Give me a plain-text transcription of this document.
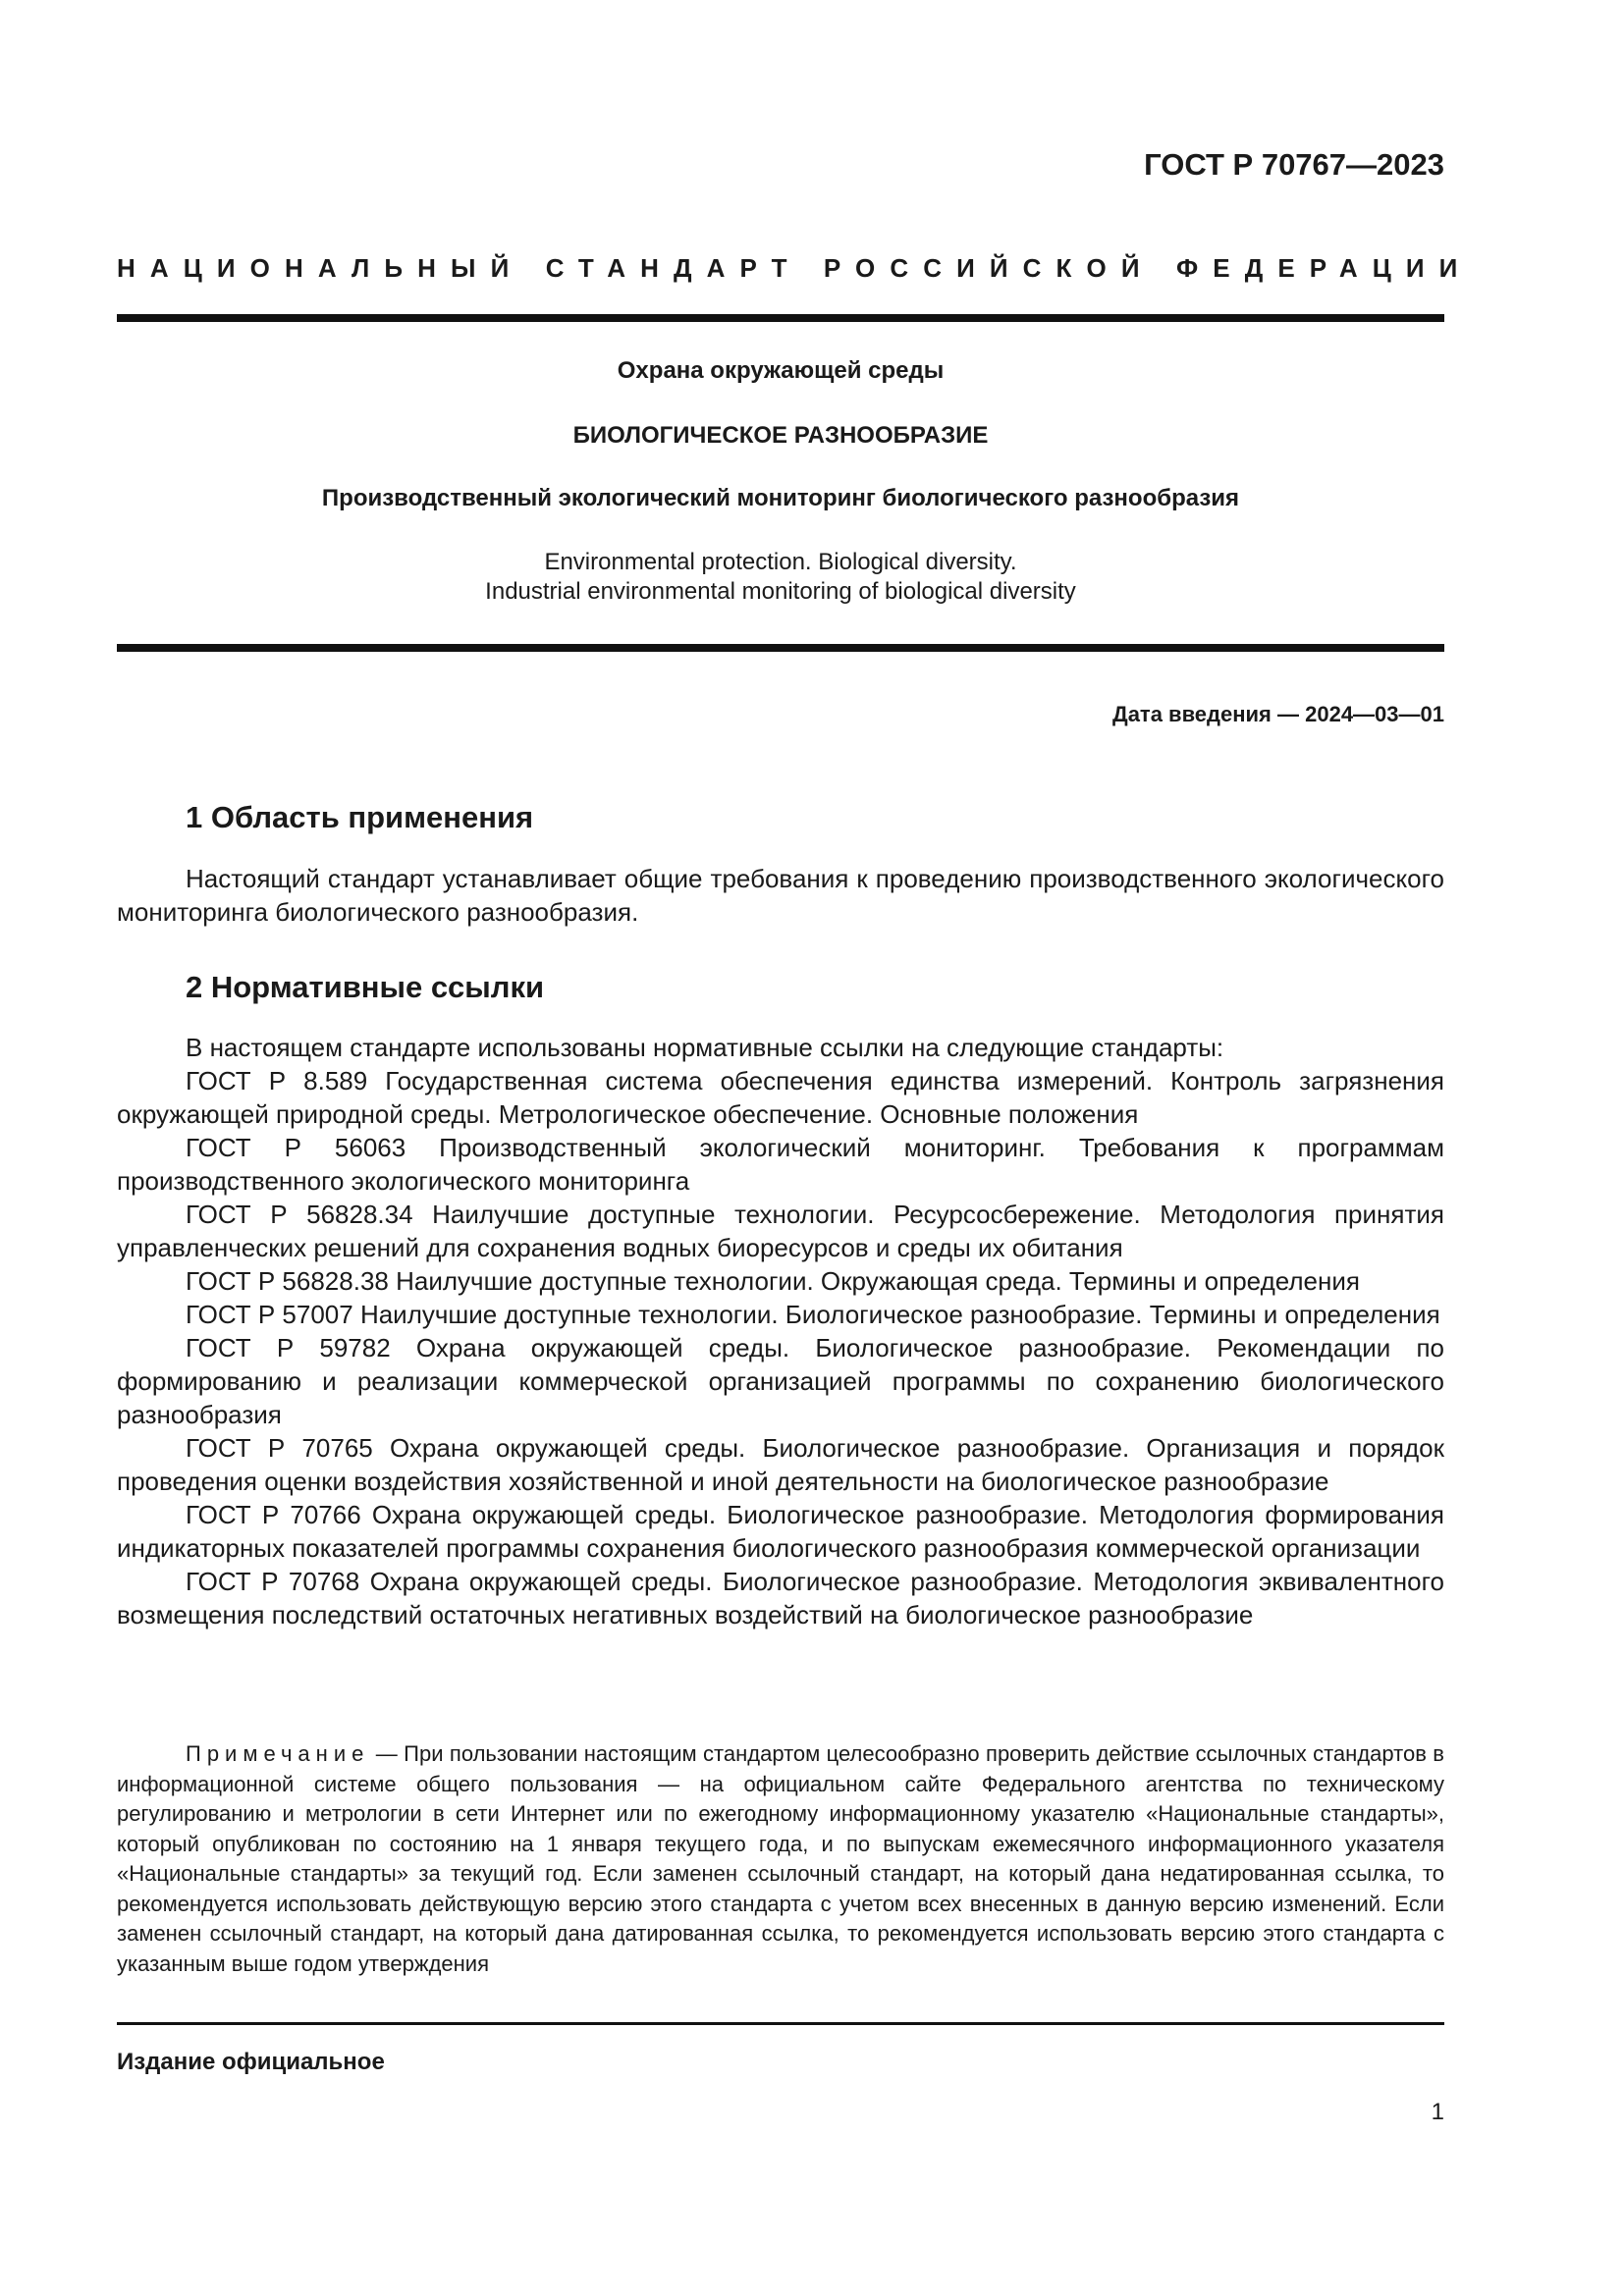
ГОСТ Р 70767—2023
НАЦИОНАЛЬНЫЙ СТАНДАРТ РОССИЙСКОЙ ФЕДЕРАЦИИ
Охрана окружающей среды
БИОЛОГИЧЕСКОЕ РАЗНООБРАЗИЕ
Производственный экологический мониторинг биологического разнообразия
Environmental protection. Biological diversity.
Industrial environmental monitoring of biological diversity
Дата введения — 2024—03—01
1 Область применения

Настоящий стандарт устанавливает общие требования к проведению производственного экологического мониторинга биологического разнообразия.

2 Нормативные ссылки

В настоящем стандарте использованы нормативные ссылки на следующие стандарты:

ГОСТ Р 8.589 Государственная система обеспечения единства измерений. Контроль загрязнения окружающей природной среды. Метрологическое обеспечение. Основные положения

ГОСТ Р 56063 Производственный экологический мониторинг. Требования к программам производственного экологического мониторинга

ГОСТ Р 56828.34 Наилучшие доступные технологии. Ресурсосбережение. Методология принятия управленческих решений для сохранения водных биоресурсов и среды их обитания

ГОСТ Р 56828.38 Наилучшие доступные технологии. Окружающая среда. Термины и определения

ГОСТ Р 57007 Наилучшие доступные технологии. Биологическое разнообразие. Термины и определения

ГОСТ Р 59782 Охрана окружающей среды. Биологическое разнообразие. Рекомендации по формированию и реализации коммерческой организацией программы по сохранению биологического разнообразия

ГОСТ Р 70765 Охрана окружающей среды. Биологическое разнообразие. Организация и порядок проведения оценки воздействия хозяйственной и иной деятельности на биологическое разнообразие

ГОСТ Р 70766 Охрана окружающей среды. Биологическое разнообразие. Методология формирования индикаторных показателей программы сохранения биологического разнообразия коммерческой организации

ГОСТ Р 70768 Охрана окружающей среды. Биологическое разнообразие. Методология эквивалентного возмещения последствий остаточных негативных воздействий на биологическое разнообразие

Примечание — При пользовании настоящим стандартом целесообразно проверить действие ссылочных стандартов в информационной системе общего пользования — на официальном сайте Федерального агентства по техническому регулированию и метрологии в сети Интернет или по ежегодному информационному указателю «Национальные стандарты», который опубликован по состоянию на 1 января текущего года, и по выпускам ежемесячного информационного указателя «Национальные стандарты» за текущий год. Если заменен ссылочный стандарт, на который дана недатированная ссылка, то рекомендуется использовать действующую версию этого стандарта с учетом всех внесенных в данную версию изменений. Если заменен ссылочный стандарт, на который дана датированная ссылка, то рекомендуется использовать версию этого стандарта с указанным выше годом утверждения

Издание официальное
1
